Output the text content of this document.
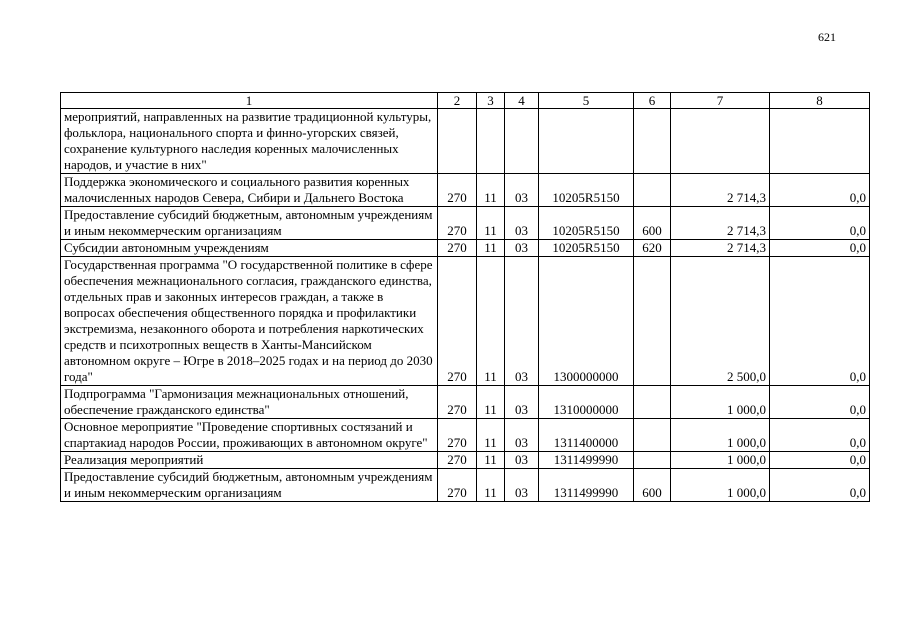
621
1	2	3	4	5	6	7	8
мероприятий, направленных на развитие традиционной культуры, фольклора, национального спорта и финно-угорских связей, сохранение культурного наследия коренных малочисленных народов, и участие в них"							
Поддержка экономического и социального развития коренных малочисленных народов Севера, Сибири и Дальнего Востока	270	11	03	10205R5150		2 714,3	0,0
Предоставление субсидий бюджетным, автономным учреждениям и иным некоммерческим организациям	270	11	03	10205R5150	600	2 714,3	0,0
Субсидии автономным учреждениям	270	11	03	10205R5150	620	2 714,3	0,0
Государственная программа "О государственной политике в сфере обеспечения межнационального согласия, гражданского единства, отдельных прав и законных интересов граждан, а также в вопросах обеспечения общественного порядка и профилактики экстремизма, незаконного оборота и потребления наркотических средств и психотропных веществ в Ханты-Мансийском автономном округе – Югре в 2018–2025 годах и на период до 2030 года"	270	11	03	1300000000		2 500,0	0,0
Подпрограмма "Гармонизация межнациональных отношений, обеспечение гражданского единства"	270	11	03	1310000000		1 000,0	0,0
Основное мероприятие "Проведение спортивных состязаний и спартакиад народов России, проживающих в автономном округе"	270	11	03	1311400000		1 000,0	0,0
Реализация мероприятий	270	11	03	1311499990		1 000,0	0,0
Предоставление субсидий бюджетным, автономным учреждениям и иным некоммерческим организациям	270	11	03	1311499990	600	1 000,0	0,0
